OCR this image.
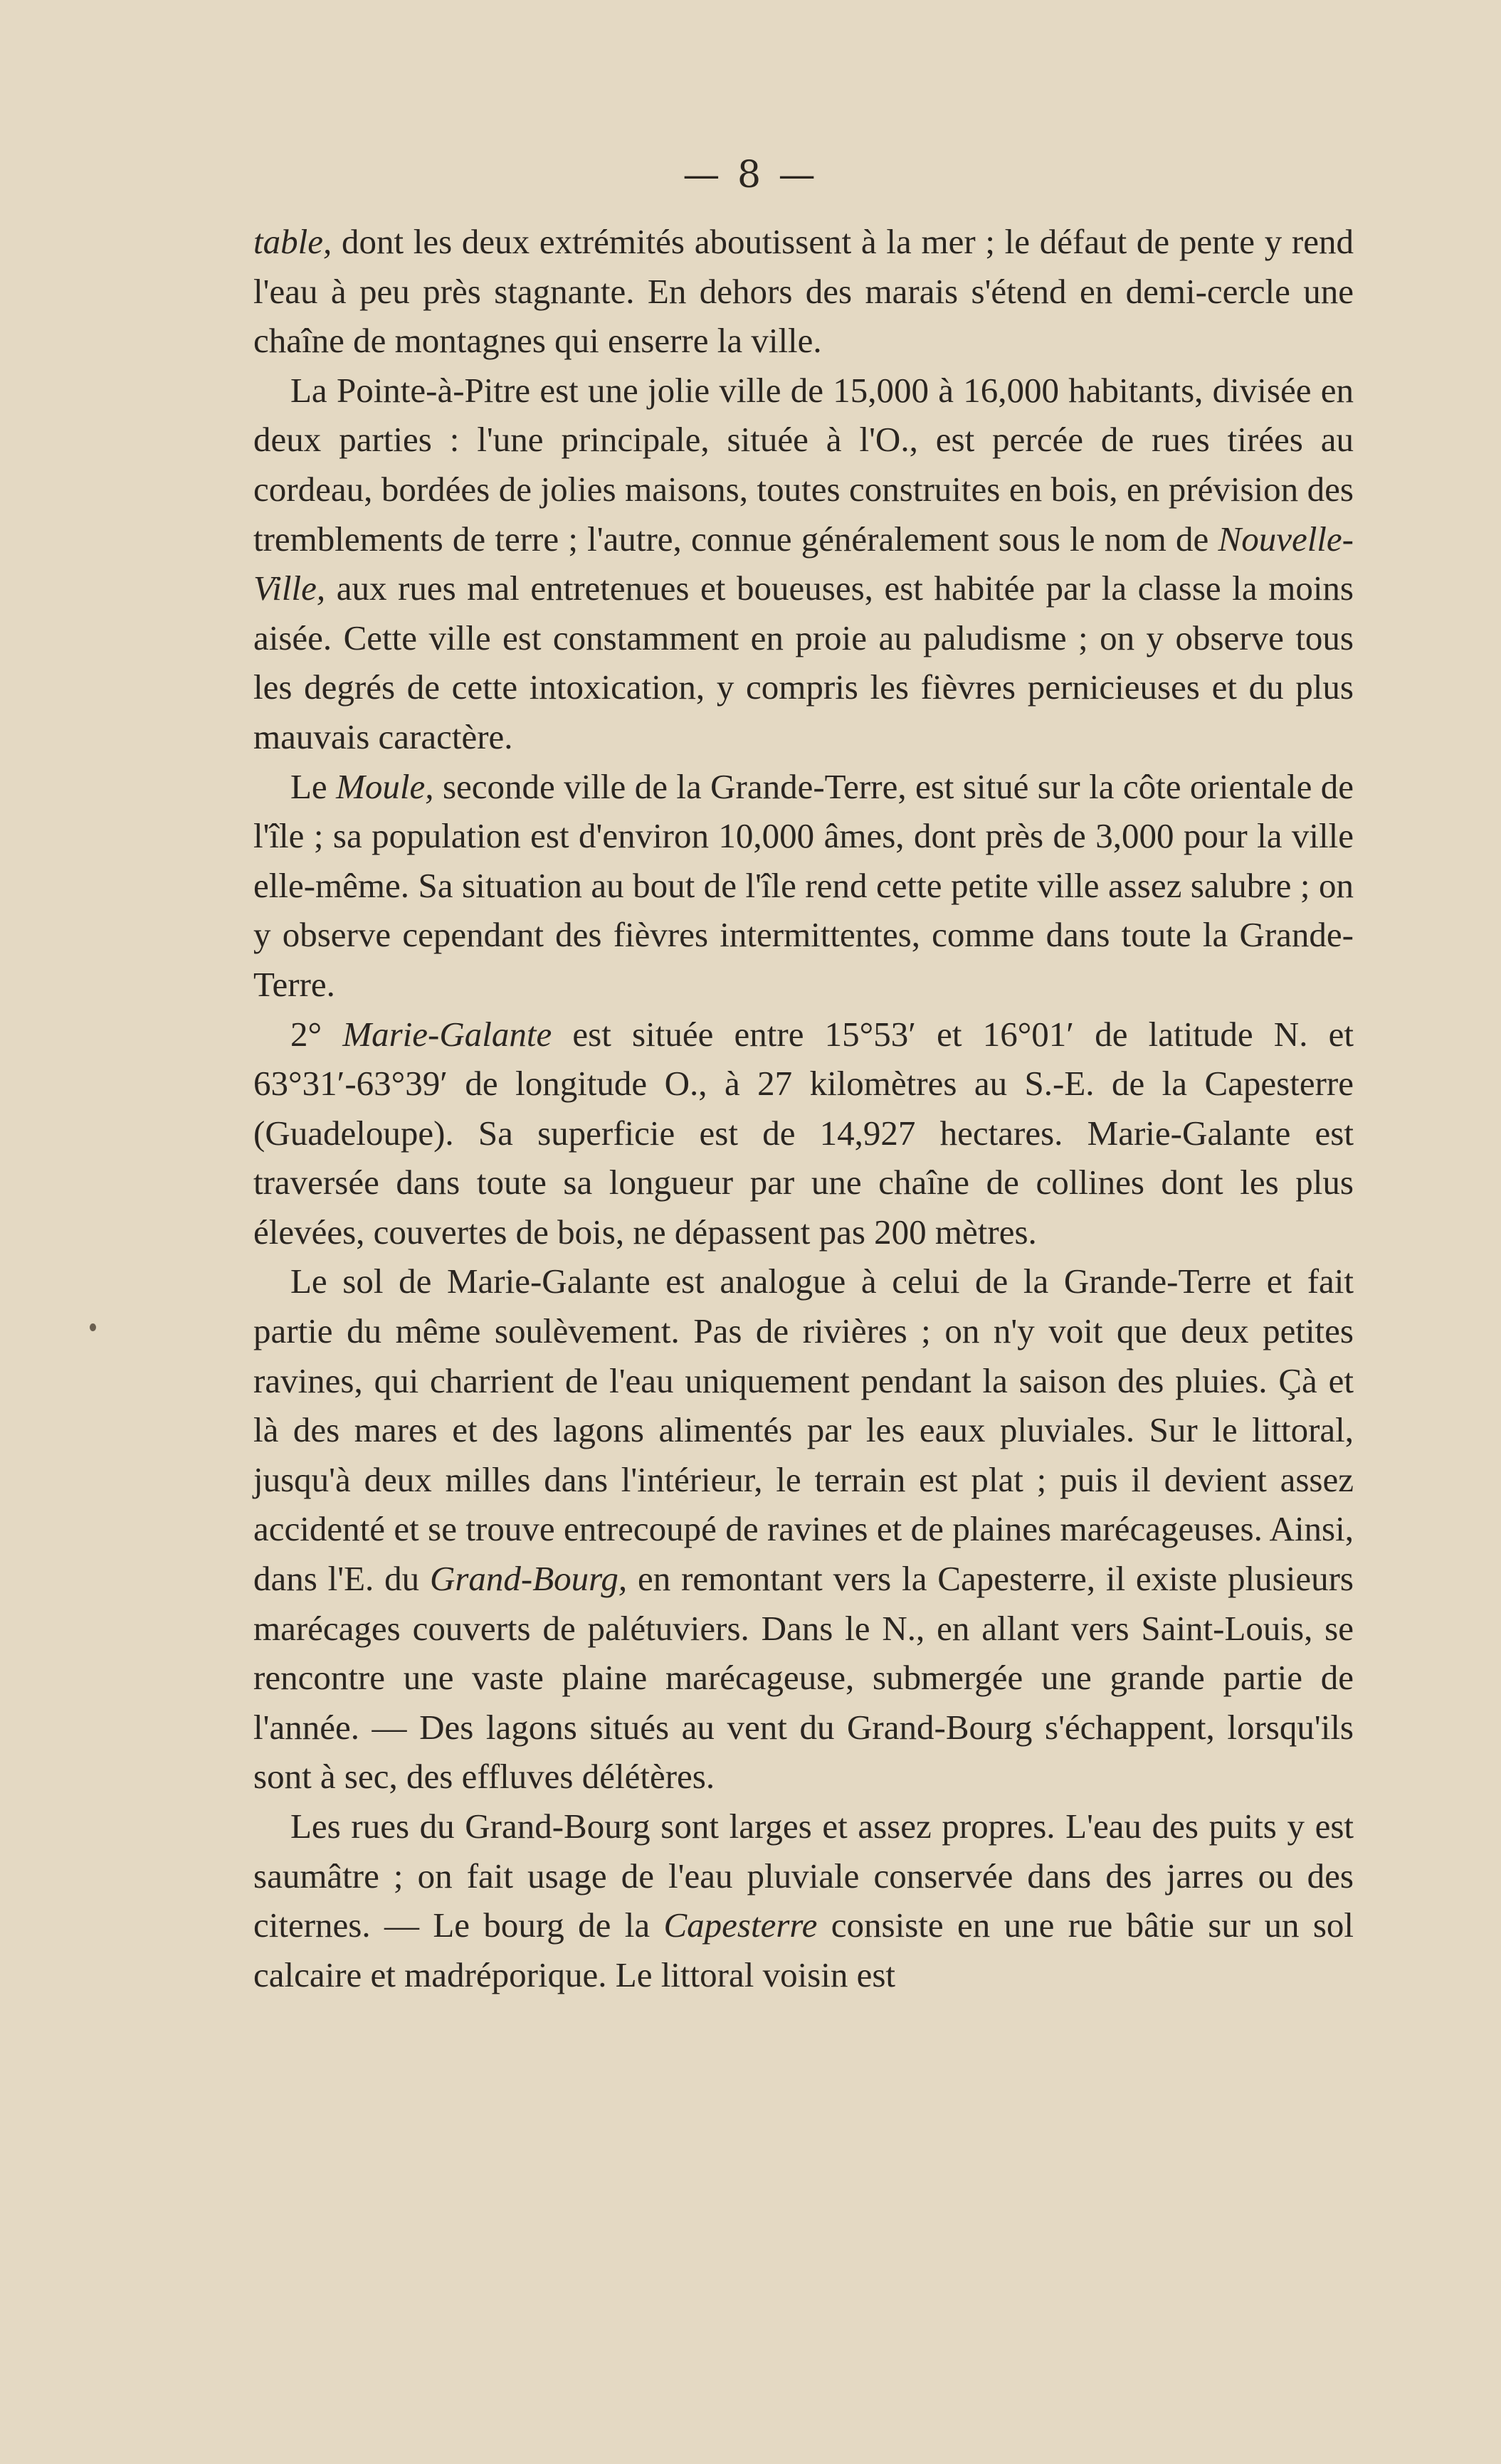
— 8 —

table, dont les deux extrémités aboutissent à la mer ; le défaut de pente y rend l'eau à peu près stagnante. En dehors des marais s'étend en demi-cercle une chaîne de montagnes qui enserre la ville.

La Pointe-à-Pitre est une jolie ville de 15,000 à 16,000 habitants, divisée en deux parties : l'une principale, située à l'O., est percée de rues tirées au cordeau, bordées de jolies maisons, toutes construites en bois, en prévision des tremblements de terre ; l'autre, connue généralement sous le nom de Nouvelle-Ville, aux rues mal entretenues et boueuses, est habitée par la classe la moins aisée. Cette ville est constamment en proie au paludisme ; on y observe tous les degrés de cette intoxication, y compris les fièvres pernicieuses et du plus mauvais caractère.

Le Moule, seconde ville de la Grande-Terre, est situé sur la côte orientale de l'île ; sa population est d'environ 10,000 âmes, dont près de 3,000 pour la ville elle-même. Sa situation au bout de l'île rend cette petite ville assez salubre ; on y observe cependant des fièvres intermittentes, comme dans toute la Grande-Terre.

2° Marie-Galante est située entre 15°53′ et 16°01′ de latitude N. et 63°31′-63°39′ de longitude O., à 27 kilomètres au S.-E. de la Capesterre (Guadeloupe). Sa superficie est de 14,927 hectares. Marie-Galante est traversée dans toute sa longueur par une chaîne de collines dont les plus élevées, couvertes de bois, ne dépassent pas 200 mètres.

Le sol de Marie-Galante est analogue à celui de la Grande-Terre et fait partie du même soulèvement. Pas de rivières ; on n'y voit que deux petites ravines, qui charrient de l'eau uniquement pendant la saison des pluies. Çà et là des mares et des lagons alimentés par les eaux pluviales. Sur le littoral, jusqu'à deux milles dans l'intérieur, le terrain est plat ; puis il devient assez accidenté et se trouve entrecoupé de ravines et de plaines marécageuses. Ainsi, dans l'E. du Grand-Bourg, en remontant vers la Capesterre, il existe plusieurs marécages couverts de palétuviers. Dans le N., en allant vers Saint-Louis, se rencontre une vaste plaine marécageuse, submergée une grande partie de l'année. — Des lagons situés au vent du Grand-Bourg s'échappent, lorsqu'ils sont à sec, des effluves délétères.

Les rues du Grand-Bourg sont larges et assez propres. L'eau des puits y est saumâtre ; on fait usage de l'eau pluviale conservée dans des jarres ou des citernes. — Le bourg de la Capesterre consiste en une rue bâtie sur un sol calcaire et madréporique. Le littoral voisin est
